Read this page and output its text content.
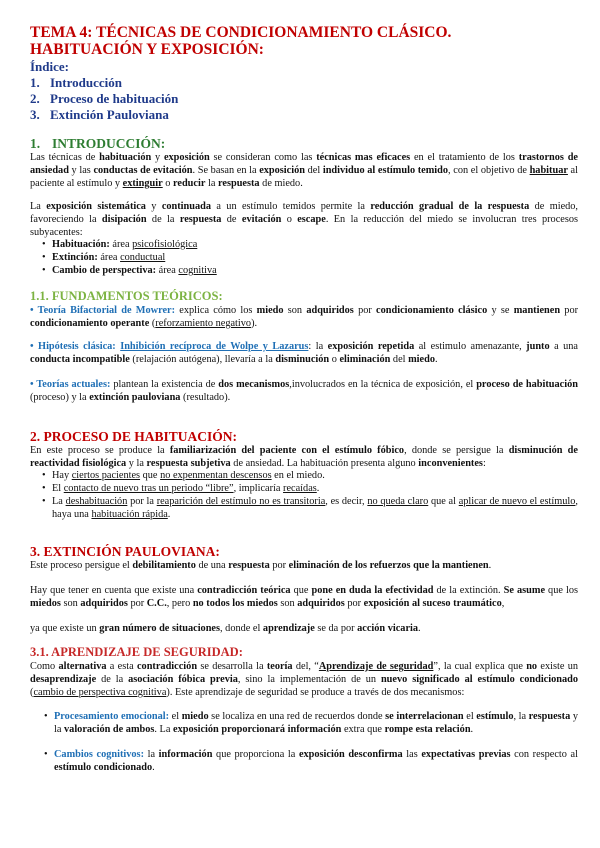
TEMA 4: TÉCNICAS DE CONDICIONAMIENTO CLÁSICO.
HABITUACIÓN Y EXPOSICIÓN:
Índice:
1. Introducción
2. Proceso de habituación
3. Extinción Pauloviana
1. INTRODUCCIÓN:
Las técnicas de habituación y exposición se consideran como las técnicas mas eficaces en el tratamiento de los trastornos de ansiedad y las conductas de evitación. Se basan en la exposición del individuo al estímulo temido, con el objetivo de habituar al paciente al estímulo y extinguir o reducir la respuesta de miedo.
La exposición sistemática y continuada a un estímulo temidos permite la reducción gradual de la respuesta de miedo, favoreciendo la disipación de la respuesta de evitación o escape. En la reducción del miedo se involucran tres procesos subyacentes:
• Habituación: área psicofisiológica
• Extinción: área conductual
• Cambio de perspectiva: área cognitiva
1.1. FUNDAMENTOS TEÓRICOS:
• Teoría Bifactorial de Mowrer: explica cómo los miedo son adquiridos por condicionamiento clásico y se mantienen por condicionamiento operante (reforzamiento negativo).
• Hipótesis clásica: Inhibición recíproca de Wolpe y Lazarus: la exposición repetida al estimulo amenazante, junto a una conducta incompatible (relajación autógena), llevaría a la disminución o eliminación del miedo.
• Teorías actuales: plantean la existencia de dos mecanismos,involucrados en la técnica de exposición, el proceso de habituación (proceso) y la extinción pauloviana (resultado).
2. PROCESO DE HABITUACIÓN:
En este proceso se produce la familiarización del paciente con el estímulo fóbico, donde se persigue la disminución de reactividad fisiológica y la respuesta subjetiva de ansiedad. La habituación presenta alguno inconvenientes:
• Hay ciertos pacientes que no expenmentan descensos en el miedo.
• El contacto de nuevo tras un periodo “libre”, implicaría recaídas.
• La deshabituación por la reaparición del estímulo no es transitoria, es decir, no queda claro que al aplicar de nuevo el estímulo, haya una habituación rápida.
3. EXTINCIÓN PAULOVIANA:
Este proceso persigue el debilitamiento de una respuesta por eliminación de los refuerzos que la mantienen.
Hay que tener en cuenta que existe una contradicción teórica que pone en duda la efectividad de la extinción. Se asume que los miedos son adquiridos por C.C., pero no todos los miedos son adquiridos por exposición al suceso traumático,
ya que existe un gran número de situaciones, donde el aprendizaje se da por acción vicaria.
3.1. APRENDIZAJE DE SEGURIDAD:
Como alternativa a esta contradicción se desarrolla la teoría del, “Aprendizaje de seguridad”, la cual explica que no existe un desaprendizaje de la asociación fóbica previa, sino la implementación de un nuevo significado al estímulo condicionado (cambio de perspectiva cognitiva). Este aprendizaje de seguridad se produce a través de dos mecanismos:
• Procesamiento emocional: el miedo se localiza en una red de recuerdos donde se interrelacionan el estímulo, la respuesta y la valoración de ambos. La exposición proporcionará información extra que rompe esta relación.
• Cambios cognitivos: la información que proporciona la exposición desconfirma las expectativas previas con respecto al estímulo condicionado.
